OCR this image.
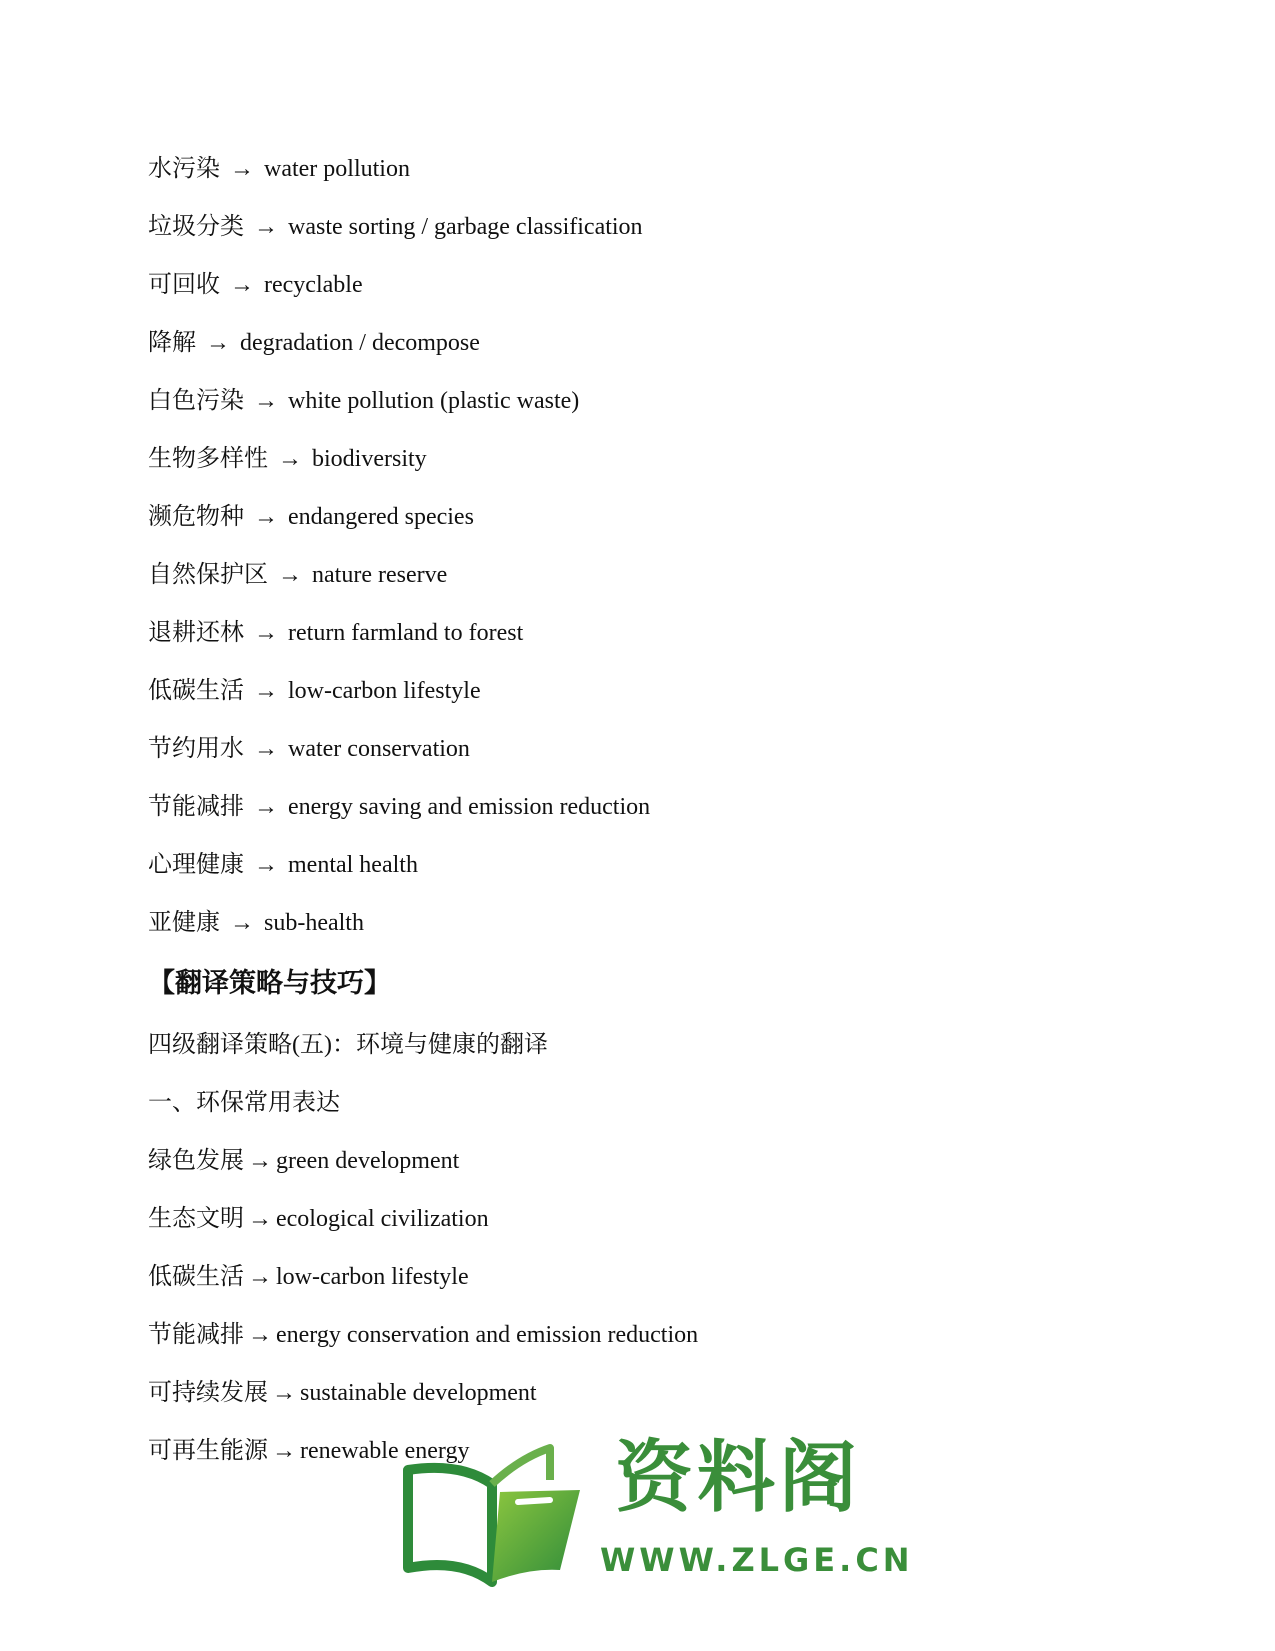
水污染 → water pollution
垃圾分类 → waste sorting / garbage classification
可回收 → recyclable
降解 → degradation / decompose
白色污染 → white pollution (plastic waste)
生物多样性 → biodiversity
濒危物种 → endangered species
自然保护区 → nature reserve
退耕还林 → return farmland to forest
低碳生活 → low-carbon lifestyle
节约用水 → water conservation
节能减排 → energy saving and emission reduction
心理健康 → mental health
亚健康 → sub-health
【翻译策略与技巧】
四级翻译策略(五)：环境与健康的翻译
一、环保常用表达
绿色发展 → green development
生态文明 → ecological civilization
低碳生活 → low-carbon lifestyle
节能减排 → energy conservation and emission reduction
可持续发展 → sustainable development
可再生能源 → renewable energy	资料阁
WWW.ZLGE.CN
